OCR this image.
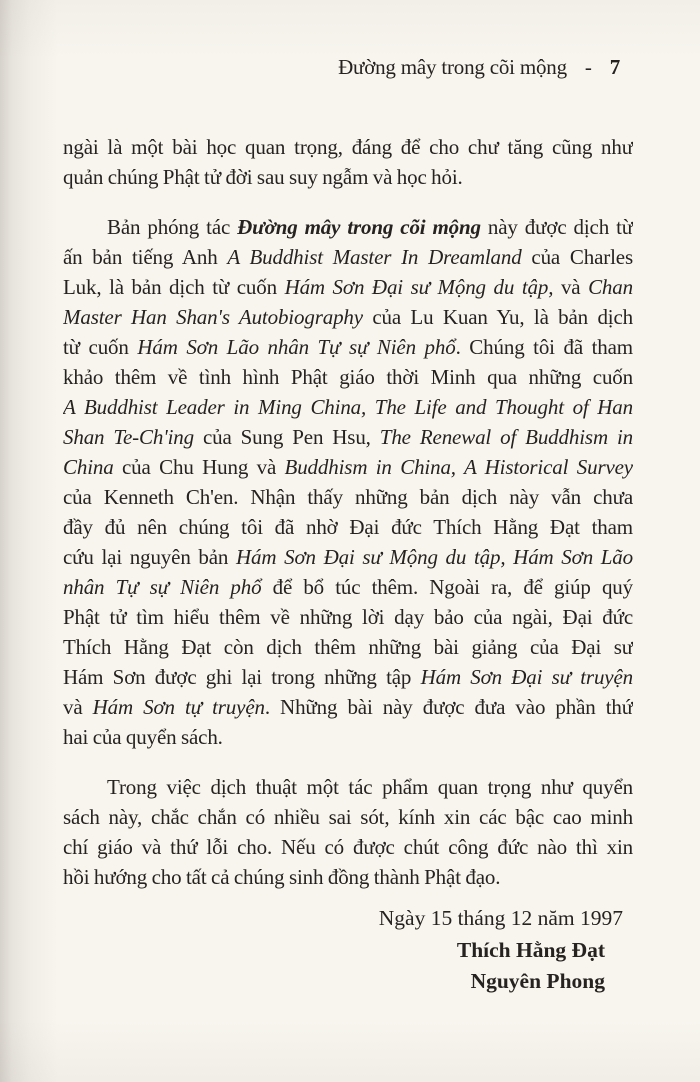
Đường mây trong cõi mộng - 7
ngài là một bài học quan trọng, đáng để cho chư tăng cũng như
quản chúng Phật tử đời sau suy ngẫm và học hỏi.
Bản phóng tác Đường mây trong cõi mộng này được dịch từ
ấn bản tiếng Anh A Buddhist Master In Dreamland của Charles
Luk, là bản dịch từ cuốn Hám Sơn Đại sư Mộng du tập, và Chan
Master Han Shan's Autobiography của Lu Kuan Yu, là bản dịch
từ cuốn Hám Sơn Lão nhân Tự sự Niên phổ. Chúng tôi đã tham
khảo thêm về tình hình Phật giáo thời Minh qua những cuốn
A Buddhist Leader in Ming China, The Life and Thought of Han
Shan Te-Ch'ing của Sung Pen Hsu, The Renewal of Buddhism in
China của Chu Hung và Buddhism in China, A Historical Survey
của Kenneth Ch'en. Nhận thấy những bản dịch này vẫn chưa
đầy đủ nên chúng tôi đã nhờ Đại đức Thích Hằng Đạt tham
cứu lại nguyên bản Hám Sơn Đại sư Mộng du tập, Hám Sơn Lão
nhân Tự sự Niên phổ để bổ túc thêm. Ngoài ra, để giúp quý
Phật tử tìm hiểu thêm về những lời dạy bảo của ngài, Đại đức
Thích Hằng Đạt còn dịch thêm những bài giảng của Đại sư
Hám Sơn được ghi lại trong những tập Hám Sơn Đại sư truyện
và Hám Sơn tự truyện. Những bài này được đưa vào phần thứ
hai của quyển sách.
Trong việc dịch thuật một tác phẩm quan trọng như quyển
sách này, chắc chắn có nhiều sai sót, kính xin các bậc cao minh
chí giáo và thứ lỗi cho. Nếu có được chút công đức nào thì xin
hồi hướng cho tất cả chúng sinh đồng thành Phật đạo.
Ngày 15 tháng 12 năm 1997
Thích Hằng Đạt
Nguyên Phong
